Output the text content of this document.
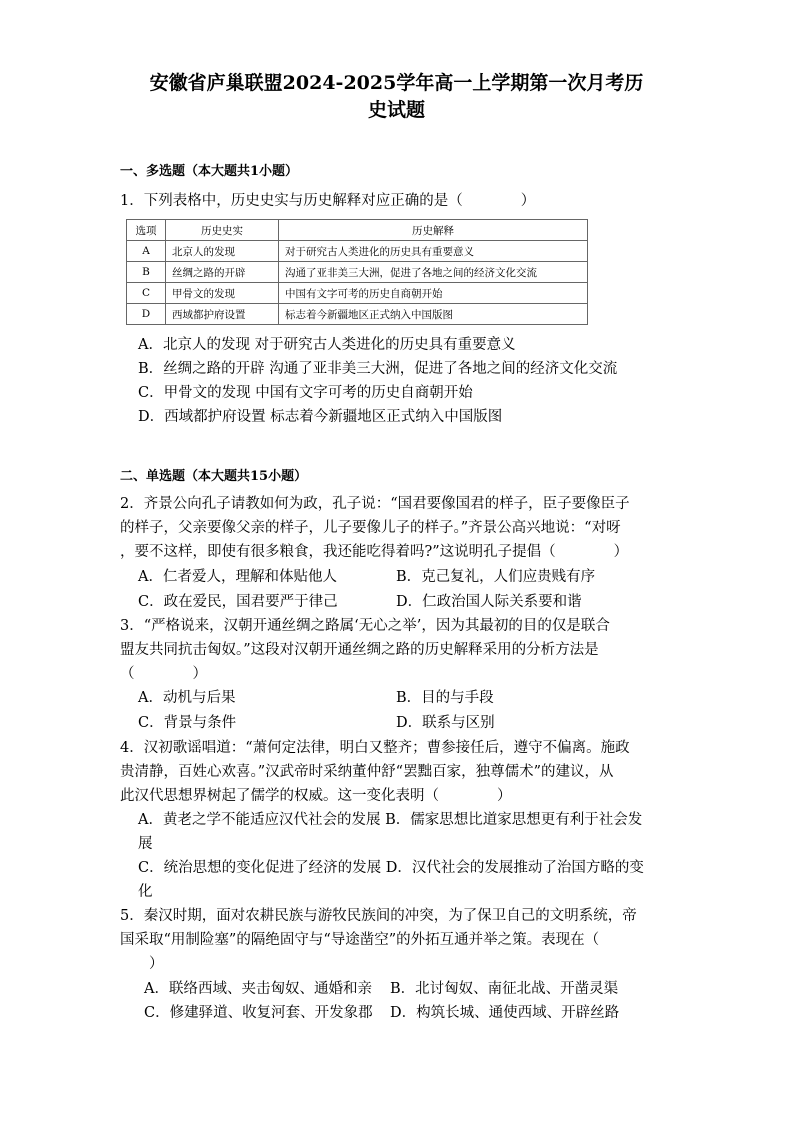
安徽省庐巢联盟2024-2025学年高一上学期第一次月考历
史试题
一、多选题（本大题共1小题）
1．下列表格中，历史史实与历史解释对应正确的是（　　　　）
选项	历史史实	历史解释
A	北京人的发现	对于研究古人类进化的历史具有重要意义
B	丝绸之路的开辟	沟通了亚非美三大洲，促进了各地之间的经济文化交流
C	甲骨文的发现	中国有文字可考的历史自商朝开始
D	西域都护府设置	标志着今新疆地区正式纳入中国版图
A．北京人的发现 对于研究古人类进化的历史具有重要意义
B．丝绸之路的开辟 沟通了亚非美三大洲，促进了各地之间的经济文化交流
C．甲骨文的发现 中国有文字可考的历史自商朝开始
D．西域都护府设置 标志着今新疆地区正式纳入中国版图
二、单选题（本大题共15小题）
2．齐景公向孔子请教如何为政，孔子说：“国君要像国君的样子，臣子要像臣子
的样子，父亲要像父亲的样子，儿子要像儿子的样子。”齐景公高兴地说：“对呀
，要不这样，即使有很多粮食，我还能吃得着吗?”这说明孔子提倡（　　　　）
A．仁者爱人，理解和体贴他人	B．克己复礼，人们应贵贱有序
C．政在爱民，国君要严于律己	D．仁政治国人际关系要和谐
3．“严格说来，汉朝开通丝绸之路属‘无心之举’，因为其最初的目的仅是联合
盟友共同抗击匈奴。”这段对汉朝开通丝绸之路的历史解释采用的分析方法是
（　　　　）
A．动机与后果	B．目的与手段
C．背景与条件	D．联系与区别
4．汉初歌谣唱道：“萧何定法律，明白又整齐；曹参接任后，遵守不偏离。施政
贵清静，百姓心欢喜。”汉武帝时采纳董仲舒“罢黜百家，独尊儒术”的建议，从
此汉代思想界树起了儒学的权威。这一变化表明（　　　　）
A．黄老之学不能适应汉代社会的发展 B．儒家思想比道家思想更有利于社会发
展
C．统治思想的变化促进了经济的发展 D．汉代社会的发展推动了治国方略的变
化
5．秦汉时期，面对农耕民族与游牧民族间的冲突，为了保卫自己的文明系统，帝
国采取“用制险塞”的隔绝固守与“导途凿空”的外拓互通并举之策。表现在（
　　）
A．联络西域、夹击匈奴、通婚和亲 B．北讨匈奴、南征北战、开凿灵渠
C．修建驿道、收复河套、开发象郡 D．构筑长城、通使西域、开辟丝路
